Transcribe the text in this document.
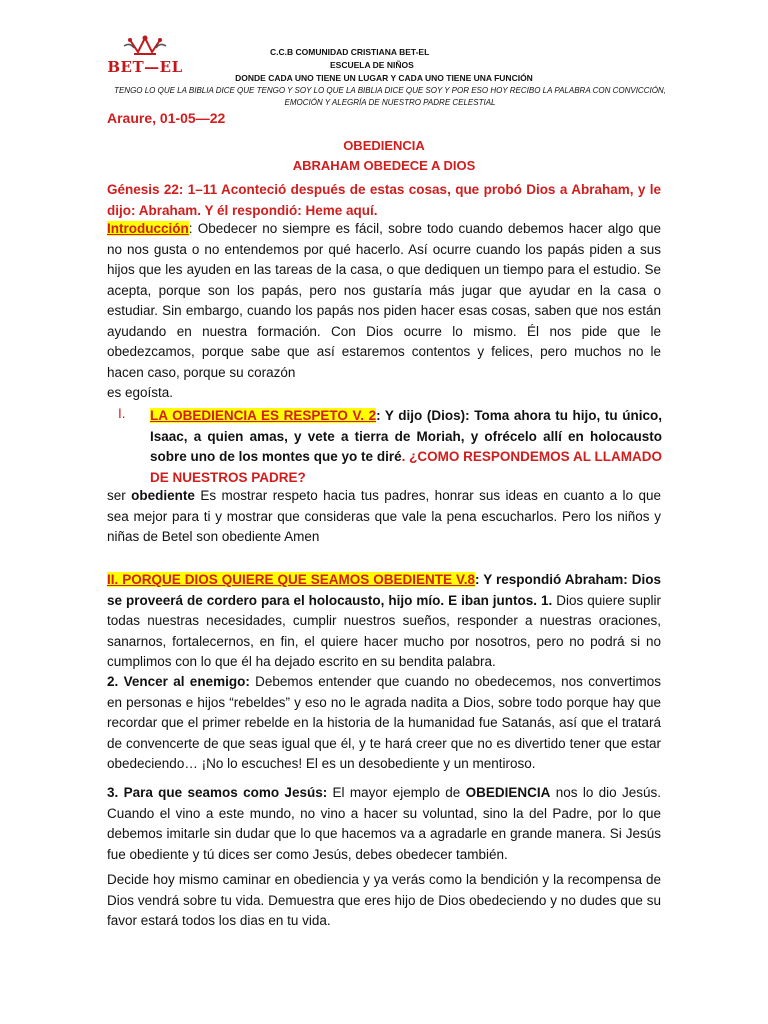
BET—EL
C.C.B COMUNIDAD CRISTIANA BET-EL
ESCUELA DE NIÑOS
DONDE CADA UNO TIENE UN LUGAR Y CADA UNO TIENE UNA FUNCIÓN
TENGO LO QUE LA BIBLIA DICE QUE TENGO Y SOY LO QUE LA BIBLIA DICE QUE SOY Y POR ESO HOY RECIBO LA PALABRA CON CONVICCIÓN, EMOCIÓN Y ALEGRÍA DE NUESTRO PADRE CELESTIAL
Araure, 01-05—22
OBEDIENCIA
ABRAHAM OBEDECE A DIOS
Génesis 22: 1–11 Aconteció después de estas cosas, que probó Dios a Abraham, y le dijo: Abraham. Y él respondió: Heme aquí.
Introducción: Obedecer no siempre es fácil, sobre todo cuando debemos hacer algo que no nos gusta o no entendemos por qué hacerlo. Así ocurre cuando los papás piden a sus hijos que les ayuden en las tareas de la casa, o que dediquen un tiempo para el estudio. Se acepta, porque son los papás, pero nos gustaría más jugar que ayudar en la casa o estudiar. Sin embargo, cuando los papás nos piden hacer esas cosas, saben que nos están ayudando en nuestra formación. Con Dios ocurre lo mismo. Él nos pide que le obedezcamos, porque sabe que así estaremos contentos y felices, pero muchos no le hacen caso, porque su corazón
es egoísta.
I. LA OBEDIENCIA ES RESPETO V. 2: Y dijo (Dios): Toma ahora tu hijo, tu único, Isaac, a quien amas, y vete a tierra de Moriah, y ofrécelo allí en holocausto sobre uno de los montes que yo te diré. ¿COMO RESPONDEMOS AL LLAMADO DE NUESTROS PADRE?
ser obediente Es mostrar respeto hacia tus padres, honrar sus ideas en cuanto a lo que sea mejor para ti y mostrar que consideras que vale la pena escucharlos. Pero los niños y niñas de Betel son obediente Amen
II. PORQUE DIOS QUIERE QUE SEAMOS OBEDIENTE V.8: Y respondió Abraham: Dios se proveerá de cordero para el holocausto, hijo mío. E iban juntos. 1. Dios quiere suplir todas nuestras necesidades, cumplir nuestros sueños, responder a nuestras oraciones, sanarnos, fortalecernos, en fin, el quiere hacer mucho por nosotros, pero no podrá si no cumplimos con lo que él ha dejado escrito en su bendita palabra.
2. Vencer al enemigo: Debemos entender que cuando no obedecemos, nos convertimos en personas e hijos “rebeldes” y eso no le agrada nadita a Dios, sobre todo porque hay que recordar que el primer rebelde en la historia de la humanidad fue Satanás, así que el tratará de convencerte de que seas igual que él, y te hará creer que no es divertido tener que estar obedeciendo… ¡No lo escuches! El es un desobediente y un mentiroso.
3. Para que seamos como Jesús: El mayor ejemplo de OBEDIENCIA nos lo dio Jesús. Cuando el vino a este mundo, no vino a hacer su voluntad, sino la del Padre, por lo que debemos imitarle sin dudar que lo que hacemos va a agradarle en grande manera. Si Jesús fue obediente y tú dices ser como Jesús, debes obedecer también.
Decide hoy mismo caminar en obediencia y ya verás como la bendición y la recompensa de Dios vendrá sobre tu vida. Demuestra que eres hijo de Dios obedeciendo y no dudes que su favor estará todos los dias en tu vida.
